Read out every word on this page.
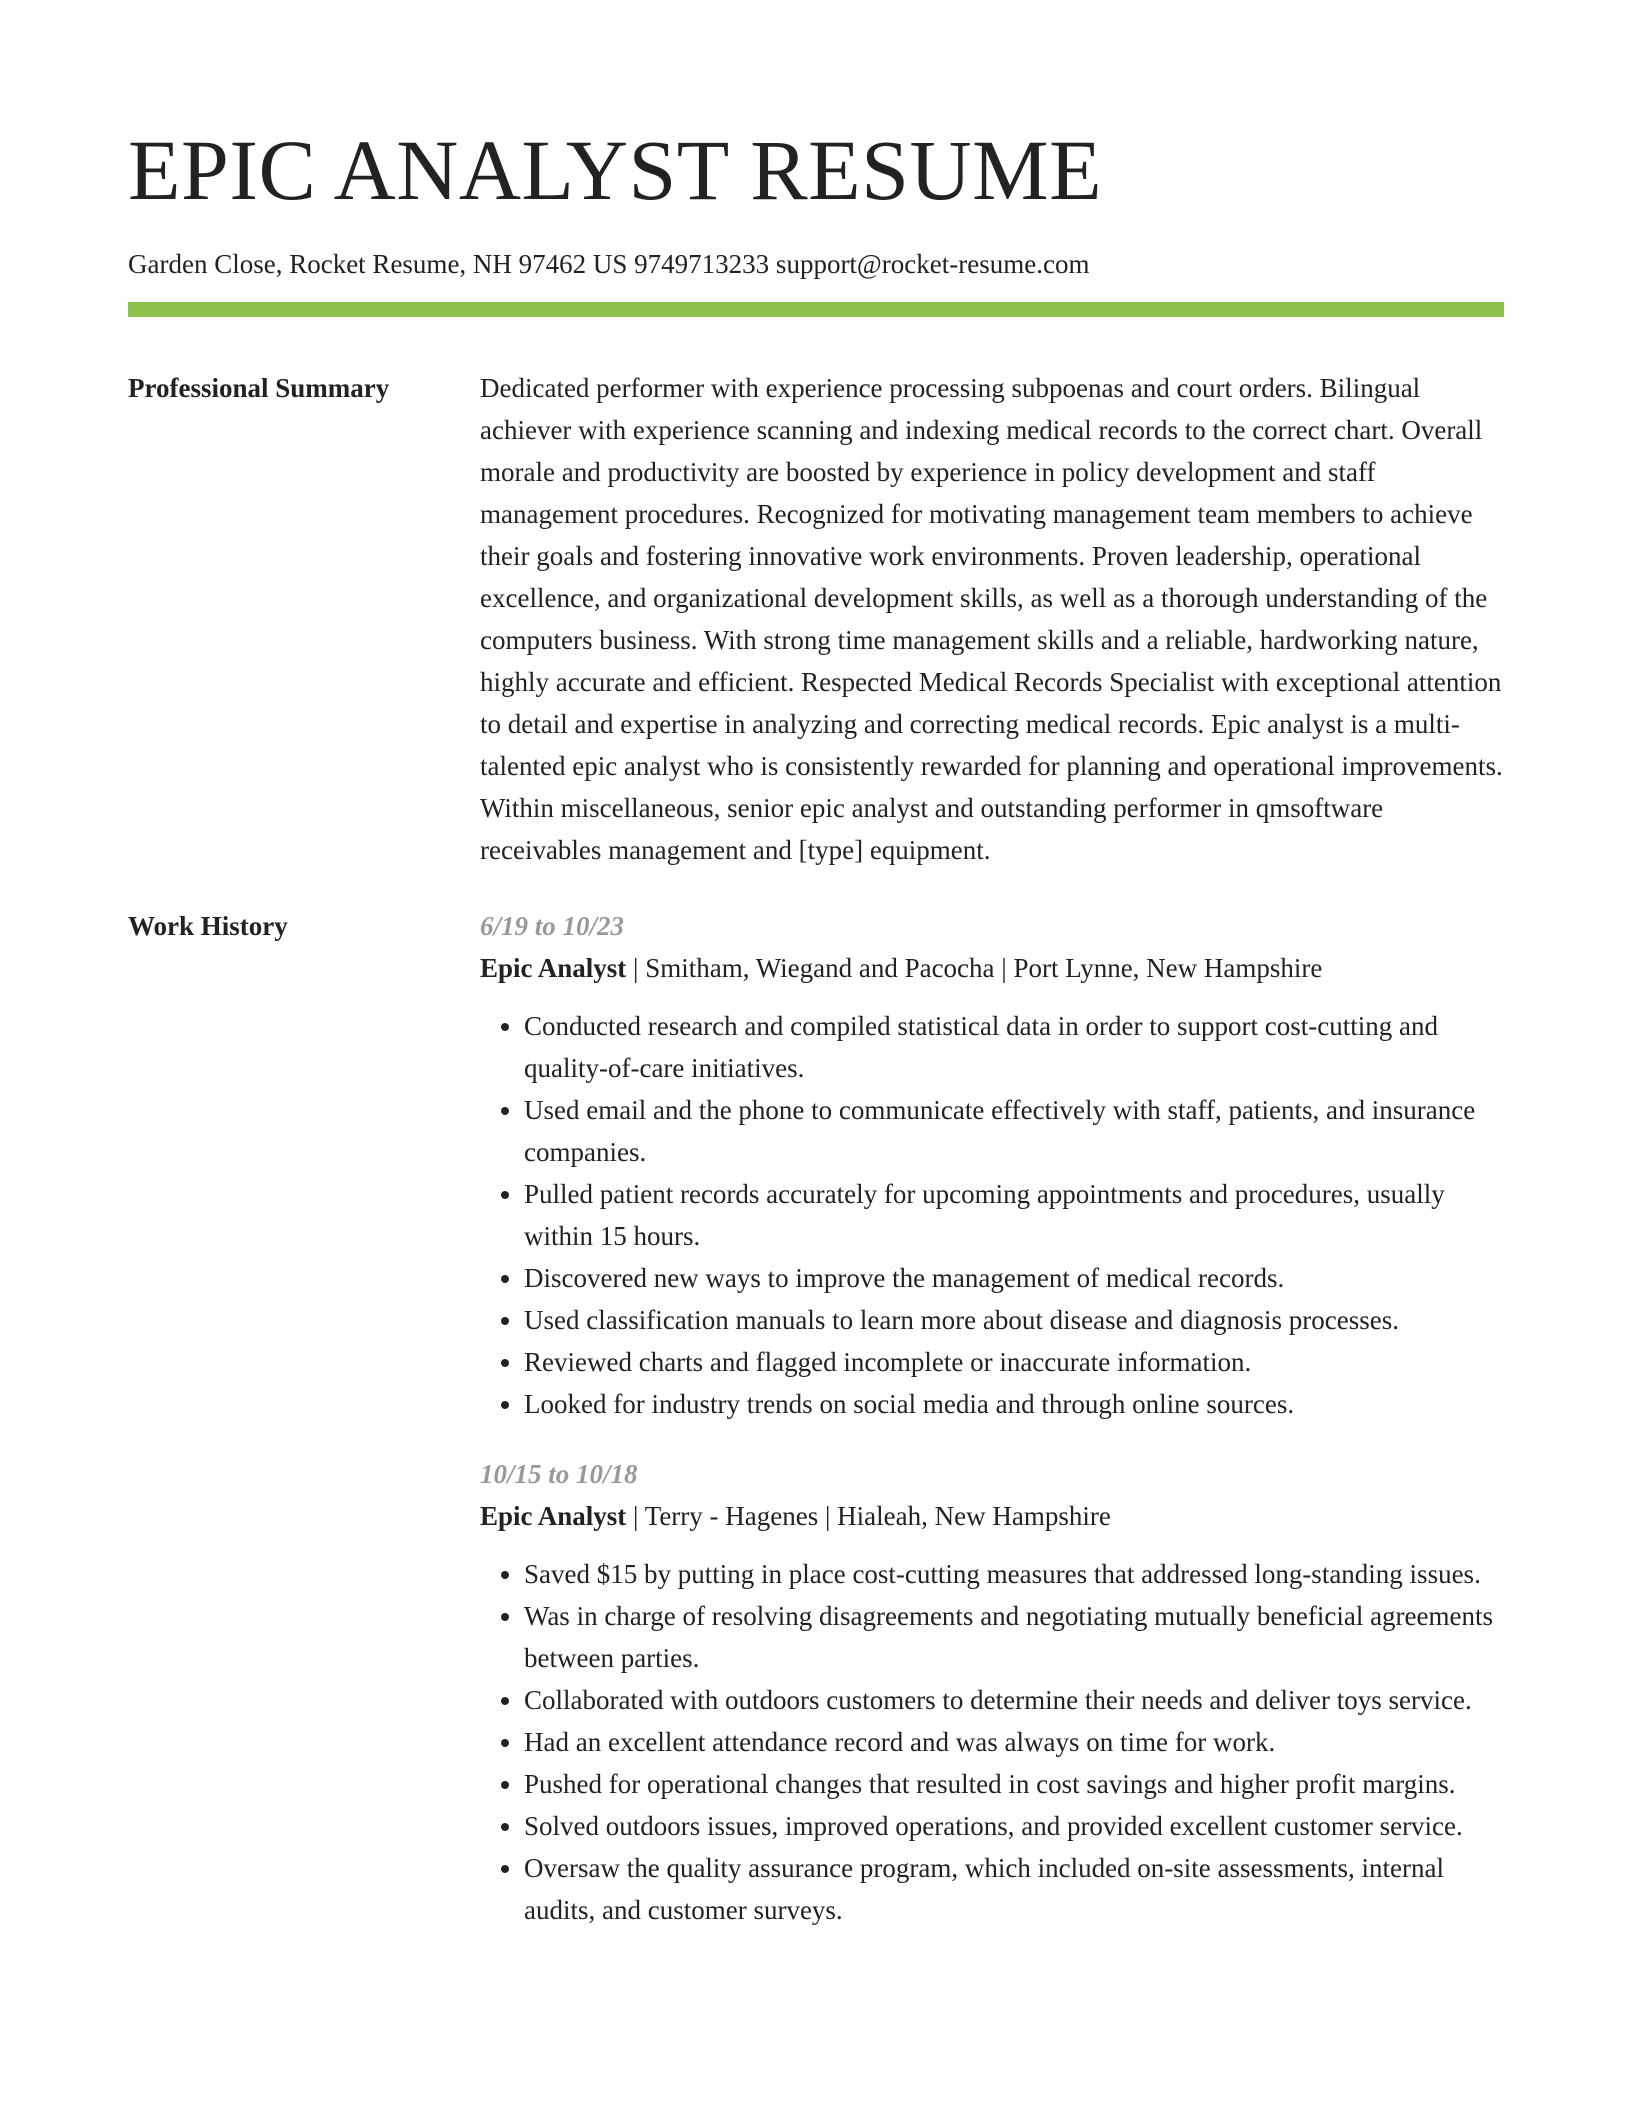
EPIC ANALYST RESUME
Garden Close, Rocket Resume, NH 97462 US 9749713233 support@rocket-resume.com
Professional Summary	Dedicated performer with experience processing subpoenas and court orders. Bilingual achiever with experience scanning and indexing medical records to the correct chart. Overall morale and productivity are boosted by experience in policy development and staff management procedures. Recognized for motivating management team members to achieve their goals and fostering innovative work environments. Proven leadership, operational excellence, and organizational development skills, as well as a thorough understanding of the computers business. With strong time management skills and a reliable, hardworking nature, highly accurate and efficient. Respected Medical Records Specialist with exceptional attention to detail and expertise in analyzing and correcting medical records. Epic analyst is a multi-talented epic analyst who is consistently rewarded for planning and operational improvements. Within miscellaneous, senior epic analyst and outstanding performer in qmsoftware receivables management and [type] equipment.

Work History	6/19 to 10/23
Epic Analyst | Smitham, Wiegand and Pacocha | Port Lynne, New Hampshire
• Conducted research and compiled statistical data in order to support cost-cutting and quality-of-care initiatives.
• Used email and the phone to communicate effectively with staff, patients, and insurance companies.
• Pulled patient records accurately for upcoming appointments and procedures, usually within 15 hours.
• Discovered new ways to improve the management of medical records.
• Used classification manuals to learn more about disease and diagnosis processes.
• Reviewed charts and flagged incomplete or inaccurate information.
• Looked for industry trends on social media and through online sources.
10/15 to 10/18
Epic Analyst | Terry - Hagenes | Hialeah, New Hampshire
• Saved $15 by putting in place cost-cutting measures that addressed long-standing issues.
• Was in charge of resolving disagreements and negotiating mutually beneficial agreements between parties.
• Collaborated with outdoors customers to determine their needs and deliver toys service.
• Had an excellent attendance record and was always on time for work.
• Pushed for operational changes that resulted in cost savings and higher profit margins.
• Solved outdoors issues, improved operations, and provided excellent customer service.
• Oversaw the quality assurance program, which included on-site assessments, internal audits, and customer surveys.
